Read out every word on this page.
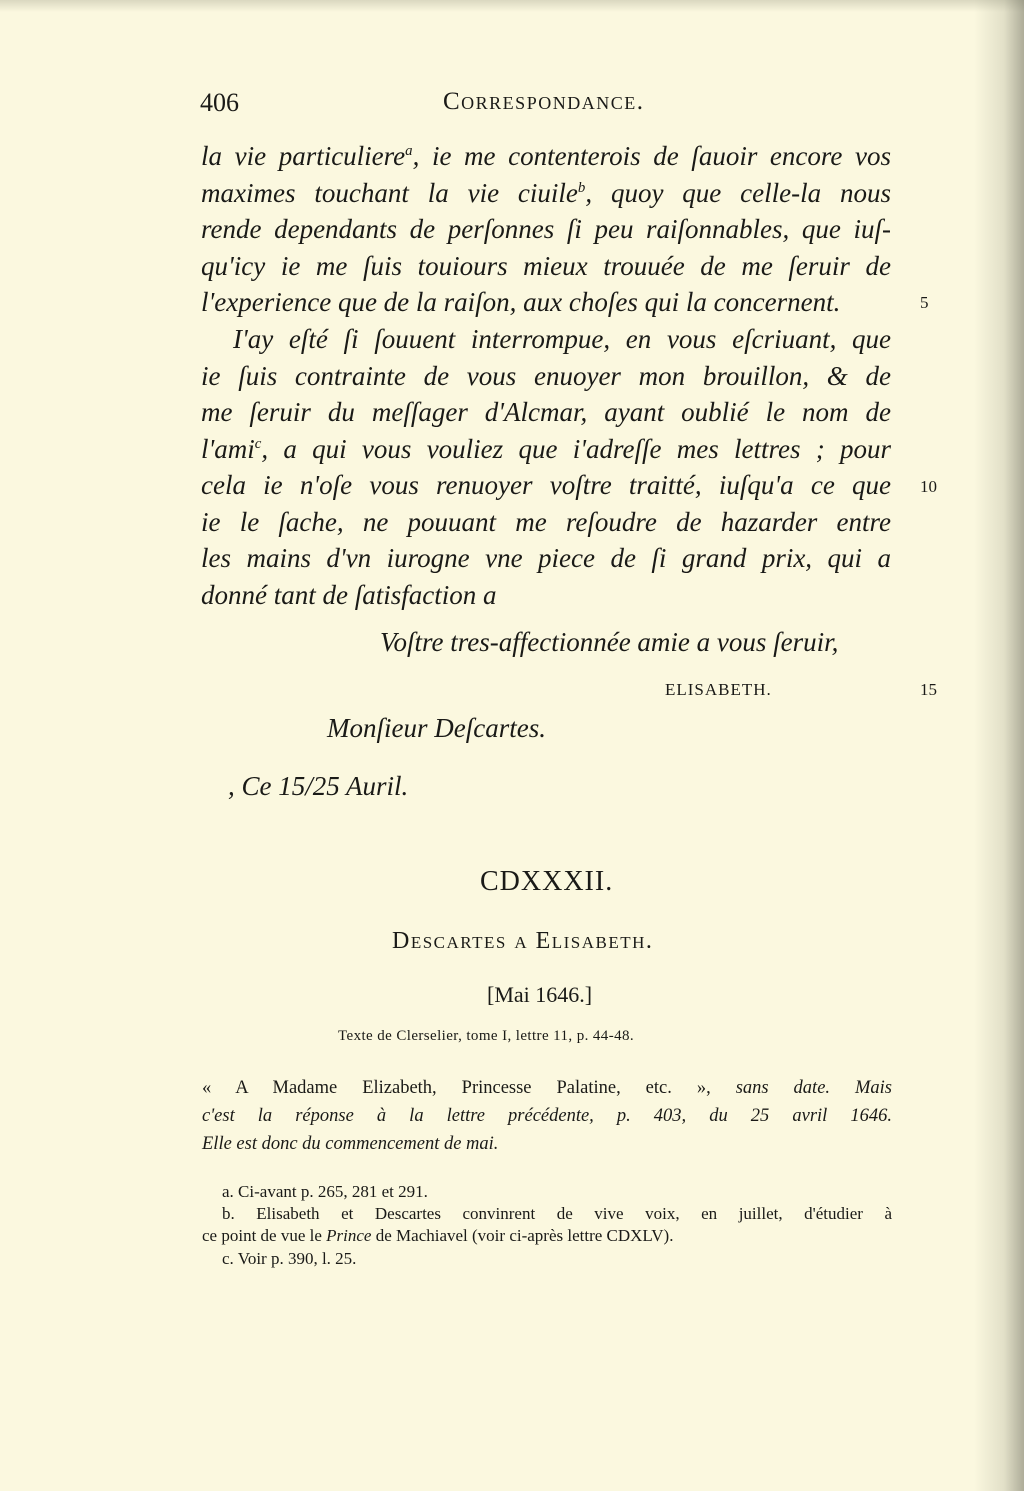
406	Correspondance.
la vie particuliere$^a$, ie me contenterois de ſauoir encore vos
maximes touchant la vie ciuile$^b$, quoy que celle-la nous
rende dependants de perſonnes ſi peu raiſonnables, que iuſ-
qu'icy ie me ſuis touiours mieux trouuée de me ſeruir de
l'experience que de la raiſon, aux choſes qui la concernent.	5
I'ay eſté ſi ſouuent interrompue, en vous eſcriuant, que
ie ſuis contrainte de vous enuoyer mon brouillon, & de
me ſeruir du meſſager d'Alcmar, ayant oublié le nom de
l'ami$^c$, a qui vous vouliez que i'adreſſe mes lettres ; pour
cela ie n'oſe vous renuoyer voſtre traitté, iuſqu'a ce que 10
ie le ſache, ne pouuant me reſoudre de hazarder entre
les mains d'vn iurogne vne piece de ſi grand prix, qui a
donné tant de ſatisfaction a
Voſtre tres-affectionnée amie a vous ſeruir,
ELISABETH.	15
Monſieur Deſcartes.
, Ce 15/25 Auril.
CDXXXII.
Descartes a Elisabeth.
[Mai 1646.]
Texte de Clerselier, tome I, lettre 11, p. 44-48.
« A Madame Elizabeth, Princesse Palatine, etc. », sans date. Mais
c'est la réponse à la lettre précédente, p. 403, du 25 avril 1646.
Elle est donc du commencement de mai.
a. Ci-avant p. 265, 281 et 291.
b. Elisabeth et Descartes convinrent de vive voix, en juillet, d'étudier à
ce point de vue le Prince de Machiavel (voir ci-après lettre CDXLV).
c. Voir p. 390, l. 25.
